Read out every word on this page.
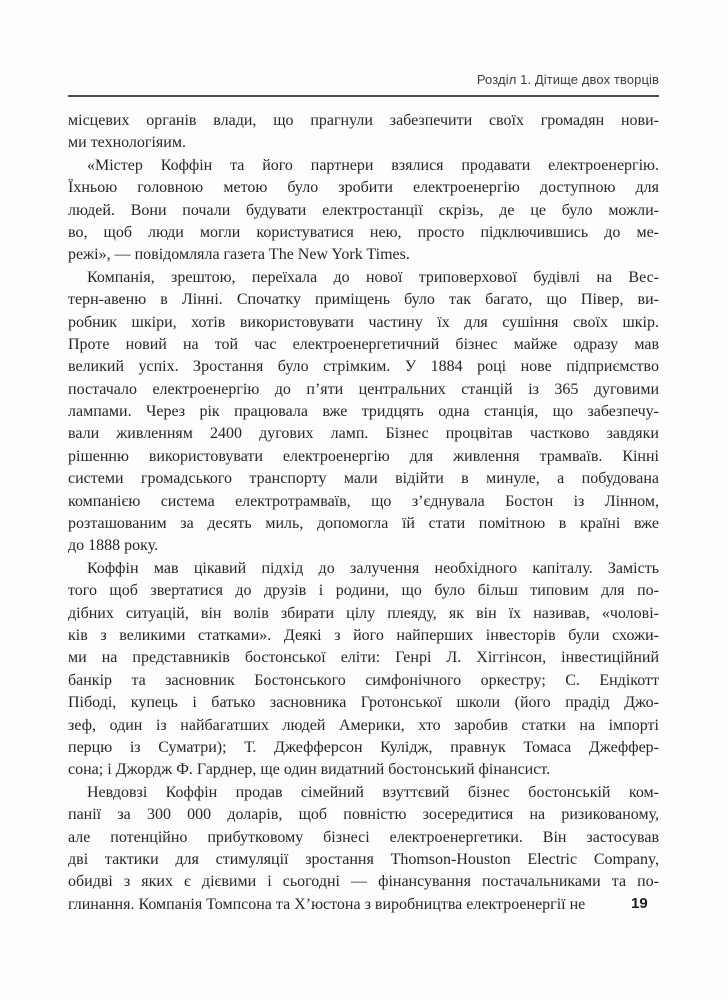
Розділ 1. Дітище двох творців
місцевих органів влади, що прагнули забезпечити своїх громадян нови-
ми технологіяим.
«Містер Коффін та його партнери взялися продавати електроенергію.
Їхньою головною метою було зробити електроенергію доступною для
людей. Вони почали будувати електростанції скрізь, де це було можли-
во, щоб люди могли користуватися нею, просто підключившись до ме-
режі», — повідомляла газета The New York Times.
Компанія, зрештою, переїхала до нової триповерхової будівлі на Вес-
терн-авеню в Лінні. Спочатку приміщень було так багато, що Півер, ви-
робник шкіри, хотів використовувати частину їх для сушіння своїх шкір.
Проте новий на той час електроенергетичний бізнес майже одразу мав
великий успіх. Зростання було стрімким. У 1884 році нове підприємство
постачало електроенергію до п’яти центральних станцій із 365 дуговими
лампами. Через рік працювала вже тридцять одна станція, що забезпечу-
вали живленням 2400 дугових ламп. Бізнес процвітав частково завдяки
рішенню використовувати електроенергію для живлення трамваїв. Кінні
системи громадського транспорту мали відійти в минуле, а побудована
компанією система електротрамваїв, що з’єднувала Бостон із Лінном,
розташованим за десять миль, допомогла їй стати помітною в країні вже
до 1888 року.
Коффін мав цікавий підхід до залучення необхідного капіталу. Замість
того щоб звертатися до друзів і родини, що було більш типовим для по-
дібних ситуацій, він волів збирати цілу плеяду, як він їх називав, «чолові-
ків з великими статками». Деякі з його найперших інвесторів були схожи-
ми на представників бостонської еліти: Генрі Л. Хіггінсон, інвестиційний
банкір та засновник Бостонського симфонічного оркестру; С. Ендікотт
Пібоді, купець і батько засновника Гротонської школи (його прадід Джо-
зеф, один із найбагатших людей Америки, хто заробив статки на імпорті
перцю із Суматри); Т. Джефферсон Кулідж, правнук Томаса Джеффер-
сона; і Джордж Ф. Гарднер, ще один видатний бостонський фінансист.
Невдовзі Коффін продав сімейний взуттєвий бізнес бостонській ком-
панії за 300 000 доларів, щоб повністю зосередитися на ризикованому,
але потенційно прибутковому бізнесі електроенергетики. Він застосував
дві тактики для стимуляції зростання Thomson-Houston Electric Company,
обидві з яких є дієвими і сьогодні — фінансування постачальниками та по-
глинання. Компанія Томпсона та Х’юстона з виробництва електроенергії не	19
